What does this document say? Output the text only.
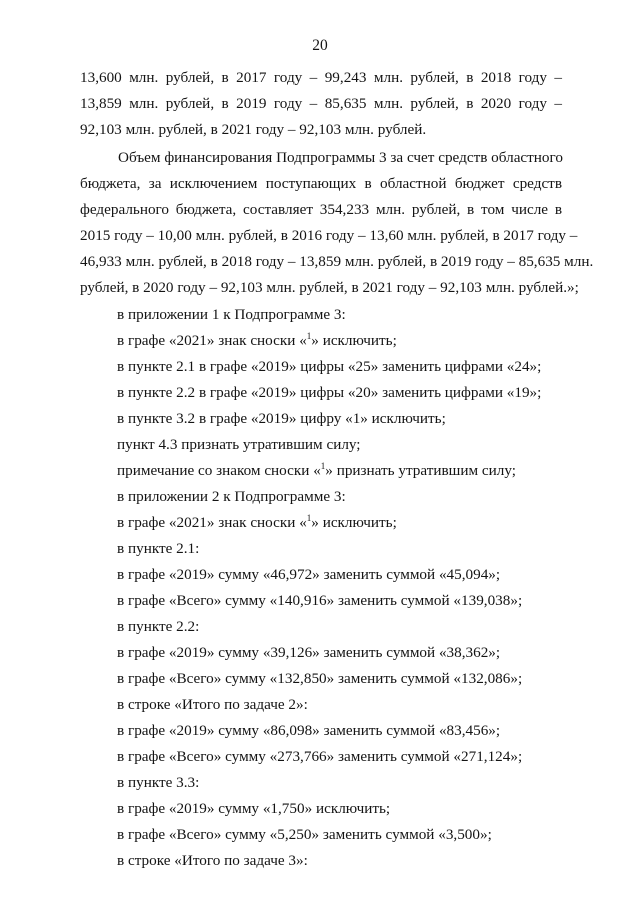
20
13,600 млн. рублей, в 2017 году – 99,243 млн. рублей, в 2018 году –
13,859 млн. рублей, в 2019 году – 85,635 млн. рублей, в 2020 году –
92,103 млн. рублей, в 2021 году – 92,103 млн. рублей.
Объем финансирования Подпрограммы 3 за счет средств областного
бюджета, за исключением поступающих в областной бюджет средств
федерального бюджета, составляет 354,233 млн. рублей, в том числе в
2015 году – 10,00 млн. рублей, в 2016 году – 13,60 млн. рублей, в 2017 году –
46,933 млн. рублей, в 2018 году – 13,859 млн. рублей, в 2019 году – 85,635 млн.
рублей, в 2020 году – 92,103 млн. рублей, в 2021 году – 92,103 млн. рублей.»;
в приложении 1 к Подпрограмме 3:
в графе «2021» знак сноски «$^1$» исключить;
в пункте 2.1 в графе «2019» цифры «25» заменить цифрами «24»;
в пункте 2.2 в графе «2019» цифры «20» заменить цифрами «19»;
в пункте 3.2 в графе «2019» цифру «1» исключить;
пункт 4.3 признать утратившим силу;
примечание со знаком сноски «$^1$» признать утратившим силу;
в приложении 2 к Подпрограмме 3:
в графе «2021» знак сноски «$^1$» исключить;
в пункте 2.1:
в графе «2019» сумму «46,972» заменить суммой «45,094»;
в графе «Всего» сумму «140,916» заменить суммой «139,038»;
в пункте 2.2:
в графе «2019» сумму «39,126» заменить суммой «38,362»;
в графе «Всего» сумму «132,850» заменить суммой «132,086»;
в строке «Итого по задаче 2»:
в графе «2019» сумму «86,098» заменить суммой «83,456»;
в графе «Всего» сумму «273,766» заменить суммой «271,124»;
в пункте 3.3:
в графе «2019» сумму «1,750» исключить;
в графе «Всего» сумму «5,250» заменить суммой «3,500»;
в строке «Итого по задаче 3»:
